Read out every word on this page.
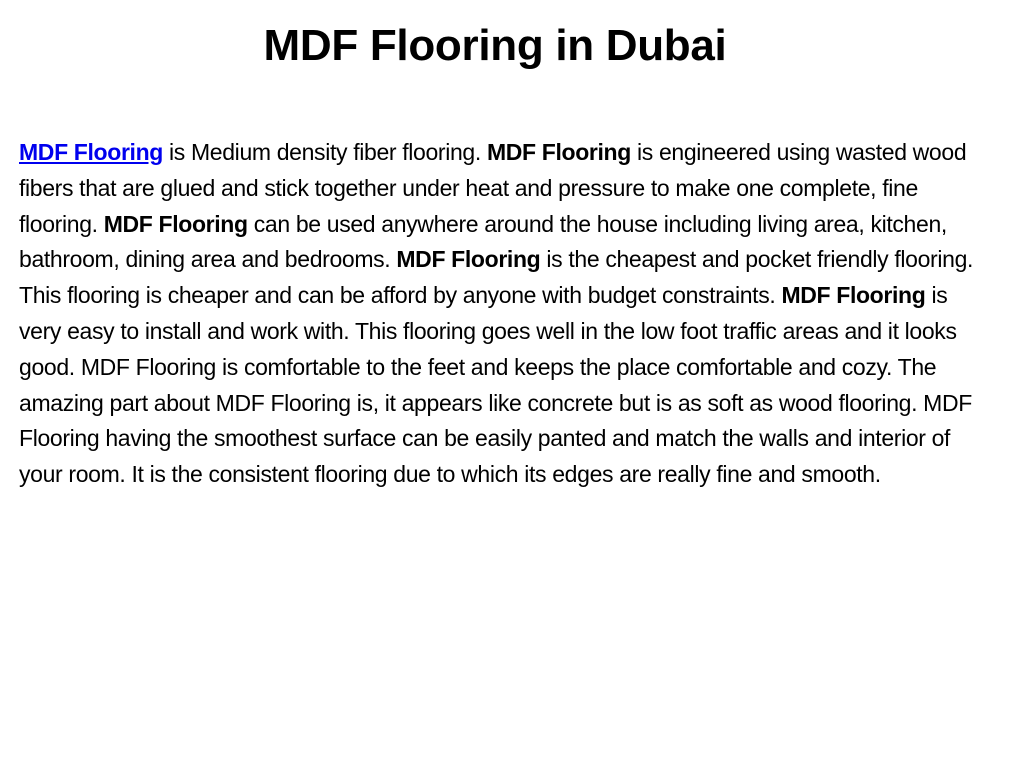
MDF Flooring in Dubai

MDF Flooring is Medium density fiber flooring. MDF Flooring is engineered using wasted wood fibers that are glued and stick together under heat and pressure to make one complete, fine flooring. MDF Flooring can be used anywhere around the house including living area, kitchen, bathroom, dining area and bedrooms. MDF Flooring is the cheapest and pocket friendly flooring. This flooring is cheaper and can be afford by anyone with budget constraints. MDF Flooring is very easy to install and work with. This flooring goes well in the low foot traffic areas and it looks good. MDF Flooring is comfortable to the feet and keeps the place comfortable and cozy. The amazing part about MDF Flooring is, it appears like concrete but is as soft as wood flooring. MDF Flooring having the smoothest surface can be easily panted and match the walls and interior of your room. It is the consistent flooring due to which its edges are really fine and smooth.
